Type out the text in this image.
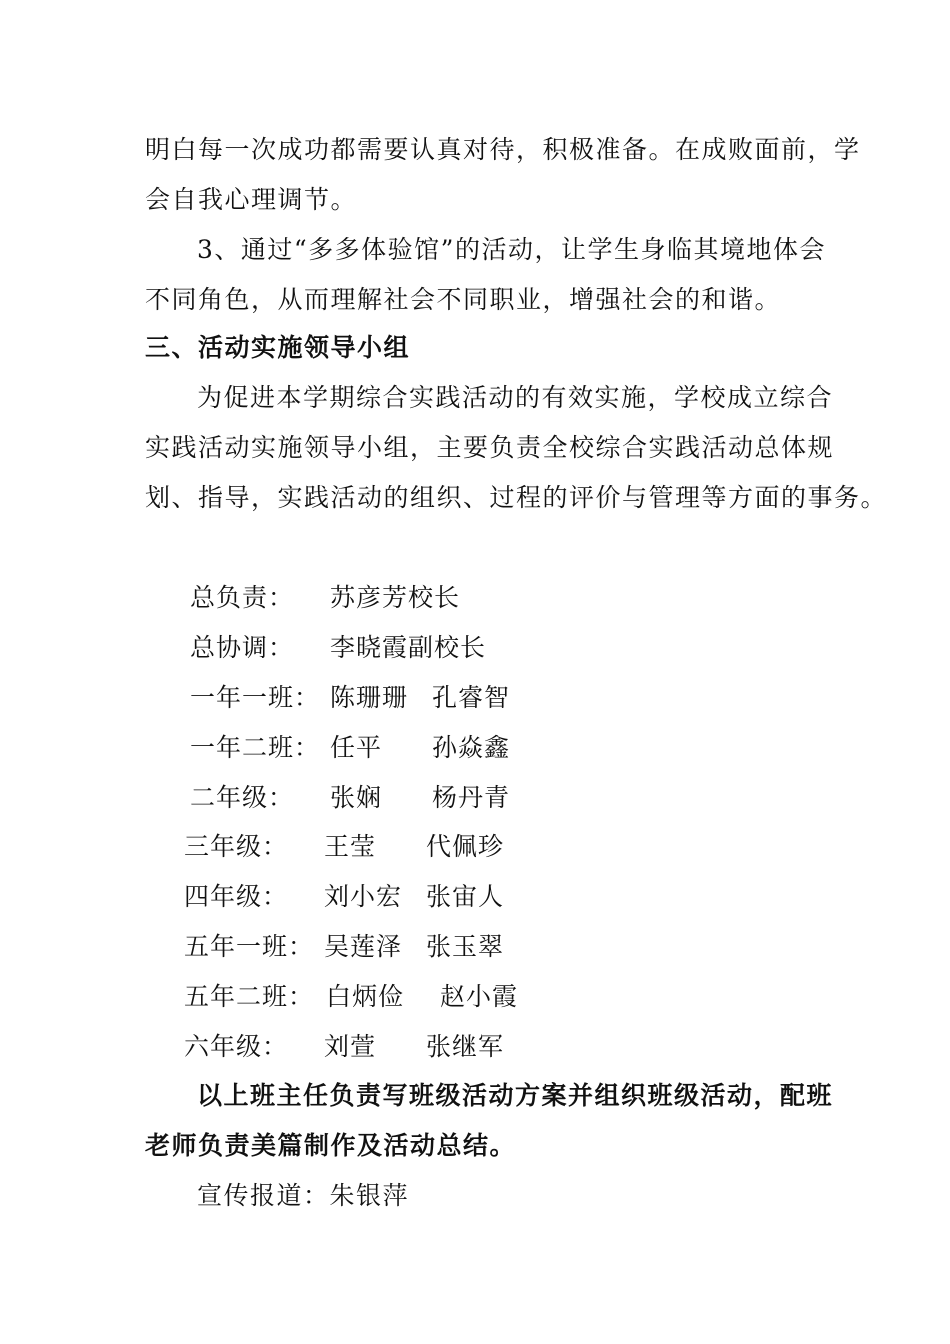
明白每一次成功都需要认真对待，积极准备。在成败面前，学
会自我心理调节。
3、通过“多多体验馆”的活动，让学生身临其境地体会
不同角色，从而理解社会不同职业，增强社会的和谐。
三、活动实施领导小组
为促进本学期综合实践活动的有效实施，学校成立综合
实践活动实施领导小组，主要负责全校综合实践活动总体规
划、指导，实践活动的组织、过程的评价与管理等方面的事务。
总负责： 苏彦芳校长
总协调： 李晓霞副校长
一年一班： 陈珊珊 孔睿智
一年二班： 任平 孙焱鑫
二年级： 张娴 杨丹青
三年级： 王莹 代佩珍
四年级： 刘小宏 张宙人
五年一班： 吴莲泽 张玉翠
五年二班： 白炳俭 赵小霞
六年级： 刘萱 张继军
以上班主任负责写班级活动方案并组织班级活动，配班
老师负责美篇制作及活动总结。
宣传报道：朱银萍
